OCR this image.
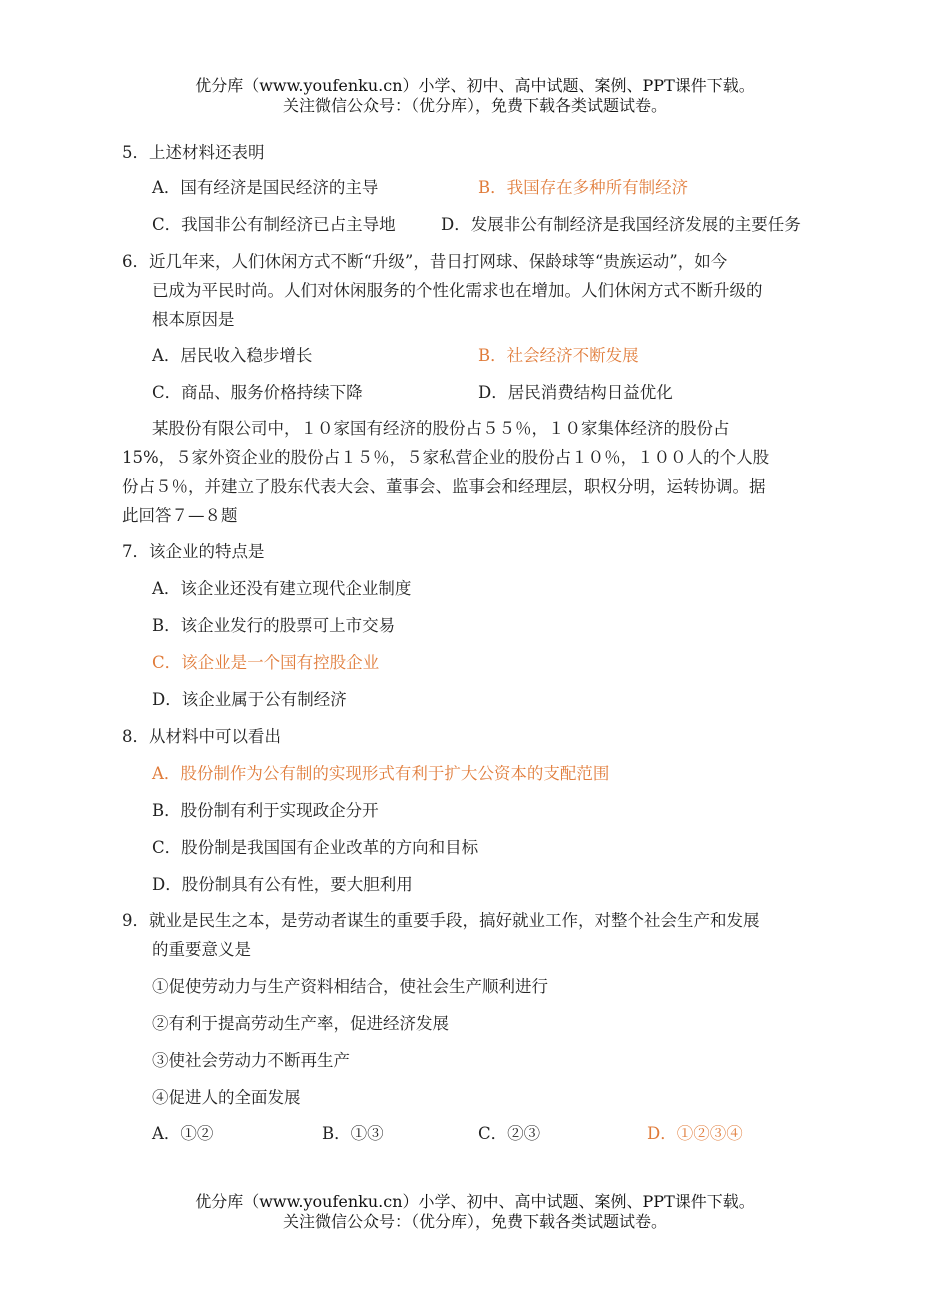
优分库（www.youfenku.cn）小学、初中、高中试题、案例、PPT课件下载。
关注微信公众号：（优分库），免费下载各类试题试卷。
5．上述材料还表明
A．国有经济是国民经济的主导	B．我国存在多种所有制经济
C．我国非公有制经济已占主导地	D．发展非公有制经济是我国经济发展的主要任务
6．近几年来，人们休闲方式不断“升级”，昔日打网球、保龄球等“贵族运动”，如今
已成为平民时尚。人们对休闲服务的个性化需求也在增加。人们休闲方式不断升级的
根本原因是
A．居民收入稳步增长	B．社会经济不断发展
C．商品、服务价格持续下降	D．居民消费结构日益优化
某股份有限公司中，１０家国有经济的股份占５５％，１０家集体经济的股份占
15%，５家外资企业的股份占１５％，５家私营企业的股份占１０％，１００人的个人股
份占５％，并建立了股东代表大会、董事会、监事会和经理层，职权分明，运转协调。据
此回答７—８题
7．该企业的特点是
A．该企业还没有建立现代企业制度
B．该企业发行的股票可上市交易
C．该企业是一个国有控股企业
D．该企业属于公有制经济
8．从材料中可以看出
A．股份制作为公有制的实现形式有利于扩大公资本的支配范围
B．股份制有利于实现政企分开
C．股份制是我国国有企业改革的方向和目标
D．股份制具有公有性，要大胆利用
9．就业是民生之本，是劳动者谋生的重要手段，搞好就业工作，对整个社会生产和发展
的重要意义是
①促使劳动力与生产资料相结合，使社会生产顺利进行
②有利于提高劳动生产率，促进经济发展
③使社会劳动力不断再生产
④促进人的全面发展
A．①②	B．①③	C．②③	D．①②③④
优分库（www.youfenku.cn）小学、初中、高中试题、案例、PPT课件下载。
关注微信公众号：（优分库），免费下载各类试题试卷。
